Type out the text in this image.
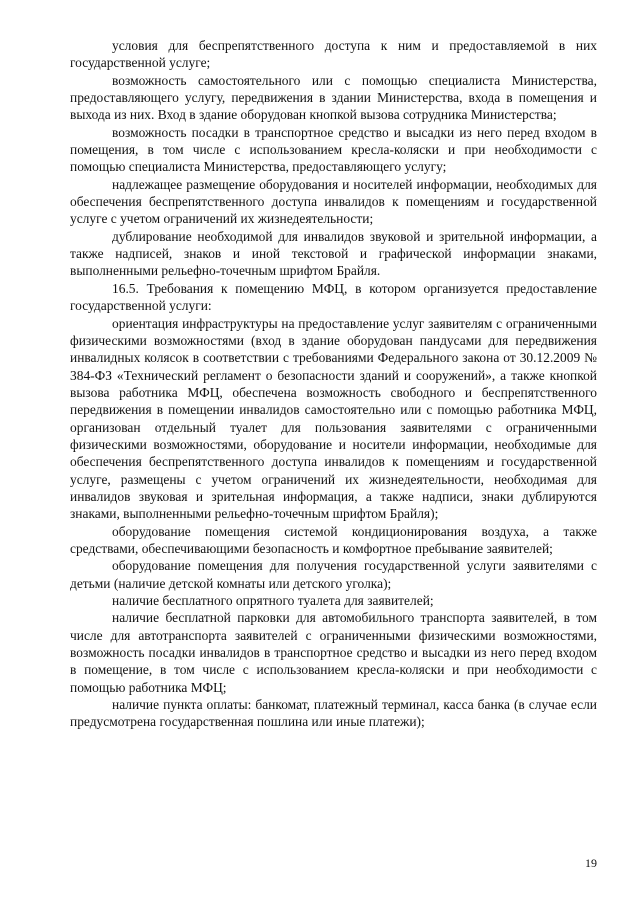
условия для беспрепятственного доступа к ним и предоставляемой в них государственной услуге;

возможность самостоятельного или с помощью специалиста Министерства, предоставляющего услугу, передвижения в здании Министерства, входа в помещения и выхода из них. Вход в здание оборудован кнопкой вызова сотрудника Министерства;

возможность посадки в транспортное средство и высадки из него перед входом в помещения, в том числе с использованием кресла-коляски и при необходимости с помощью специалиста Министерства, предоставляющего услугу;

надлежащее размещение оборудования и носителей информации, необходимых для обеспечения беспрепятственного доступа инвалидов к помещениям и государственной услуге с учетом ограничений их жизнедеятельности;

дублирование необходимой для инвалидов звуковой и зрительной информации, а также надписей, знаков и иной текстовой и графической информации знаками, выполненными рельефно-точечным шрифтом Брайля.

16.5. Требования к помещению МФЦ, в котором организуется предоставление государственной услуги:

ориентация инфраструктуры на предоставление услуг заявителям с ограниченными физическими возможностями (вход в здание оборудован пандусами для передвижения инвалидных колясок в соответствии с требованиями Федерального закона от 30.12.2009 № 384-ФЗ «Технический регламент о безопасности зданий и сооружений», а также кнопкой вызова работника МФЦ, обеспечена возможность свободного и беспрепятственного передвижения в помещении инвалидов самостоятельно или с помощью работника МФЦ, организован отдельный туалет для пользования заявителями с ограниченными физическими возможностями, оборудование и носители информации, необходимые для обеспечения беспрепятственного доступа инвалидов к помещениям и государственной услуге, размещены с учетом ограничений их жизнедеятельности, необходимая для инвалидов звуковая и зрительная информация, а также надписи, знаки дублируются знаками, выполненными рельефно-точечным шрифтом Брайля);

оборудование помещения системой кондиционирования воздуха, а также средствами, обеспечивающими безопасность и комфортное пребывание заявителей;

оборудование помещения для получения государственной услуги заявителями с детьми (наличие детской комнаты или детского уголка);

наличие бесплатного опрятного туалета для заявителей;

наличие бесплатной парковки для автомобильного транспорта заявителей, в том числе для автотранспорта заявителей с ограниченными физическими возможностями, возможность посадки инвалидов в транспортное средство и высадки из него перед входом в помещение, в том числе с использованием кресла-коляски и при необходимости с помощью работника МФЦ;

наличие пункта оплаты: банкомат, платежный терминал, касса банка (в случае если предусмотрена государственная пошлина или иные платежи);

19
